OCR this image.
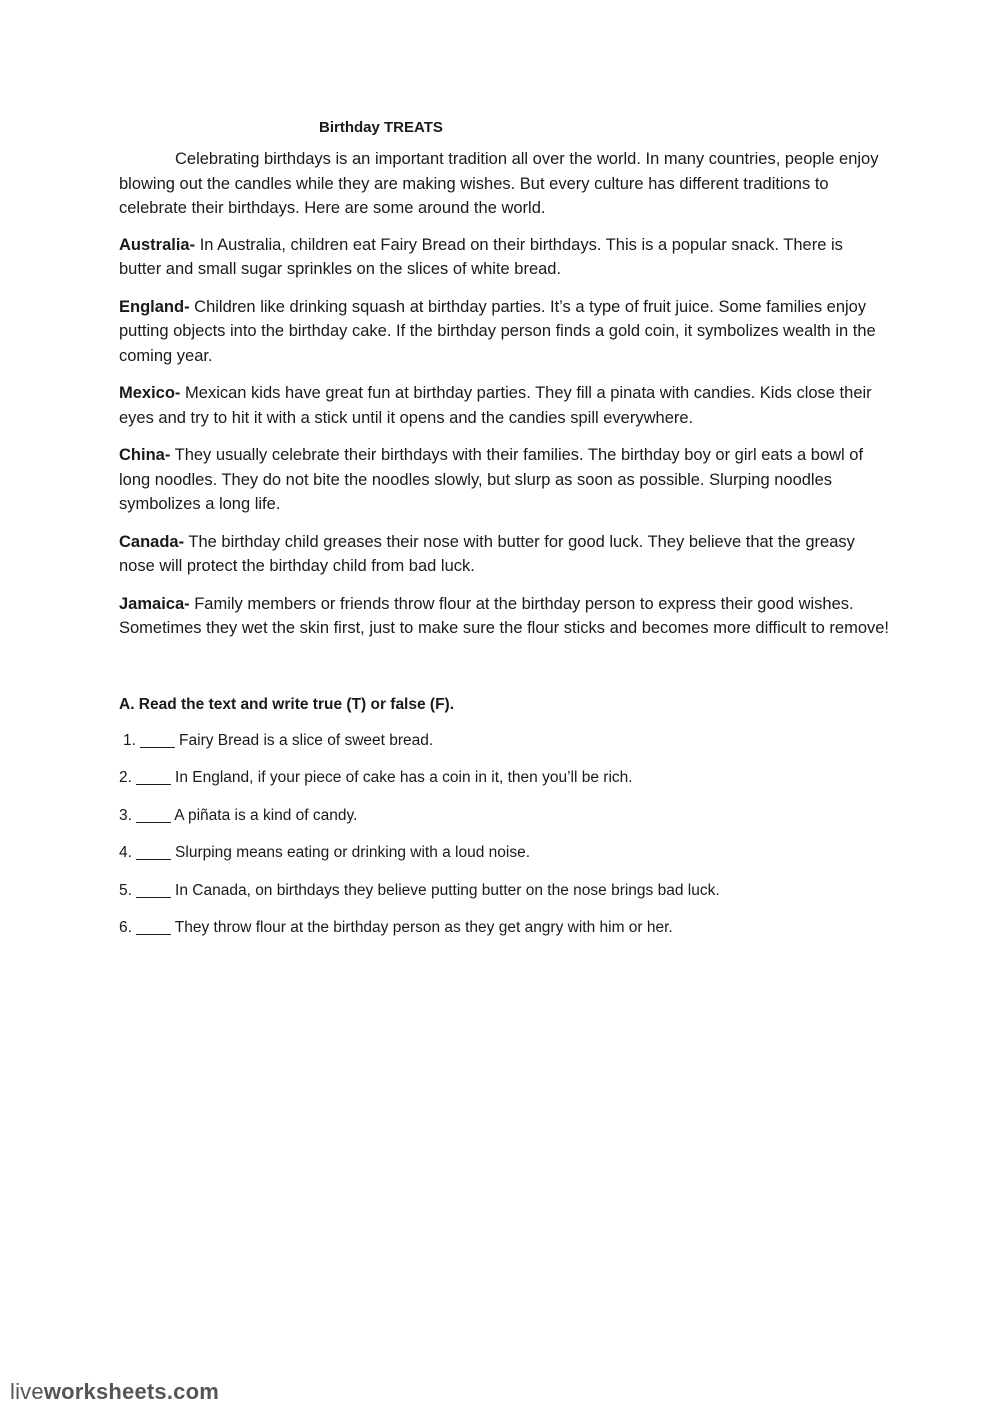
Birthday TREATS

Celebrating birthdays is an important tradition all over the world. In many countries, people enjoy blowing out the candles while they are making wishes. But every culture has different traditions to celebrate their birthdays. Here are some around the world.

Australia- In Australia, children eat Fairy Bread on their birthdays. This is a popular snack. There is butter and small sugar sprinkles on the slices of white bread.

England- Children like drinking squash at birthday parties. It’s a type of fruit juice. Some families enjoy putting objects into the birthday cake. If the birthday person finds a gold coin, it symbolizes wealth in the coming year.

Mexico- Mexican kids have great fun at birthday parties. They fill a pinata with candies. Kids close their eyes and try to hit it with a stick until it opens and the candies spill everywhere.

China- They usually celebrate their birthdays with their families. The birthday boy or girl eats a bowl of long noodles. They do not bite the noodles slowly, but slurp as soon as possible. Slurping noodles symbolizes a long life.

Canada- The birthday child greases their nose with butter for good luck. They believe that the greasy nose will protect the birthday child from bad luck.

Jamaica- Family members or friends throw flour at the birthday person to express their good wishes. Sometimes they wet the skin first, just to make sure the flour sticks and becomes more difficult to remove!

A. Read the text and write true (T) or false (F).
1. ____ Fairy Bread is a slice of sweet bread.
2. ____ In England, if your piece of cake has a coin in it, then you’ll be rich.
3. ____ A piñata is a kind of candy.
4. ____ Slurping means eating or drinking with a loud noise.
5. ____ In Canada, on birthdays they believe putting butter on the nose brings bad luck.
6. ____ They throw flour at the birthday person as they get angry with him or her.
liveworksheets.com
